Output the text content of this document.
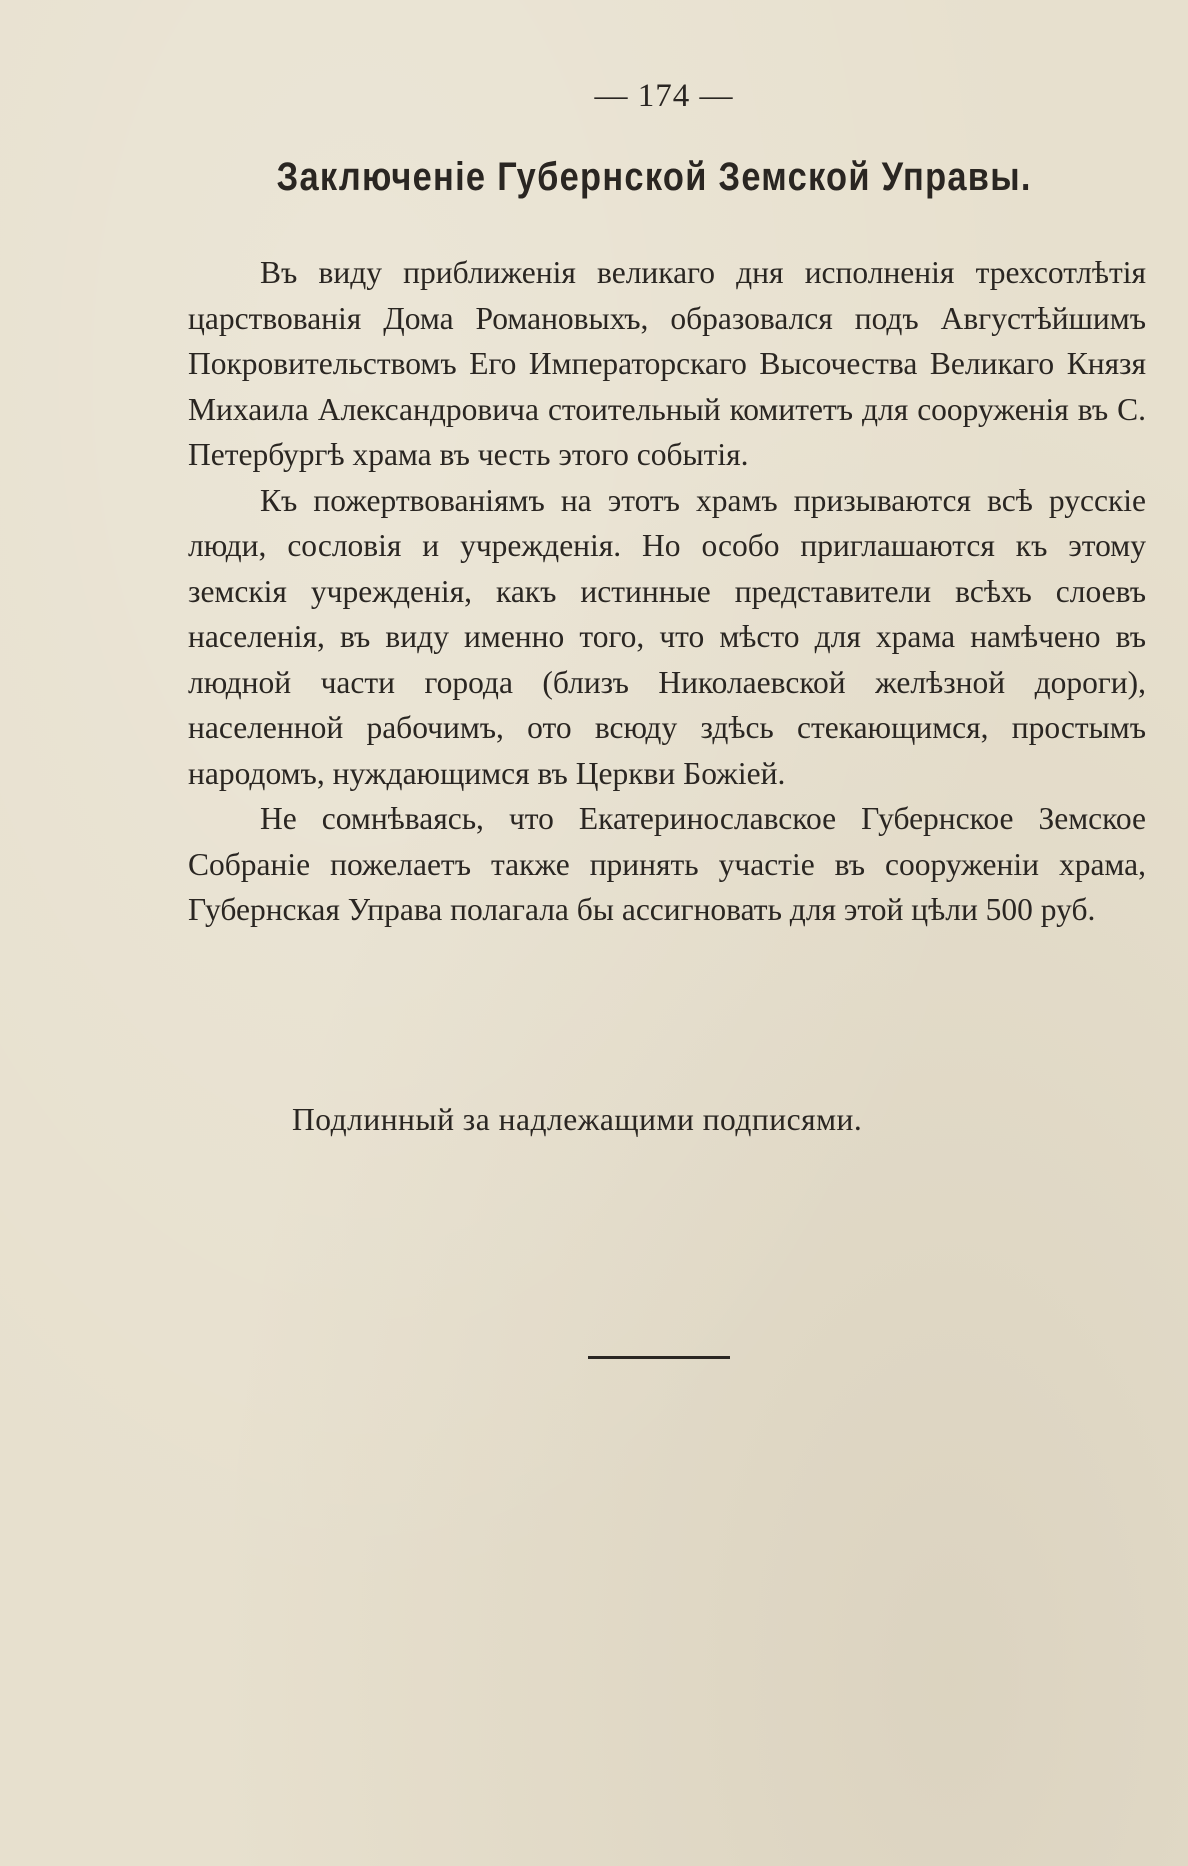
— 174 —
Заключеніе Губернской Земской Управы.

Въ виду приближенія великаго дня исполненія трехсотлѣтія царствованія Дома Романовыхъ, образовался подъ Августѣйшимъ Покровительствомъ Его Императорскаго Высочества Великаго Князя Михаила Александровича стоительный комитетъ для сооруженія въ С. Петербургѣ храма въ честь этого событія.

Къ пожертвованіямъ на этотъ храмъ призываются всѣ русскіе люди, сословія и учрежденія. Но особо приглашаются къ этому земскія учрежденія, какъ истинные представители всѣхъ слоевъ населенія, въ виду именно того, что мѣсто для храма намѣчено въ людной части города (близъ Николаевской желѣзной дороги), населенной рабочимъ, ото всюду здѣсь стекающимся, простымъ народомъ, нуждающимся въ Церкви Божіей.

Не сомнѣваясь, что Екатеринославское Губернское Земское Собраніе пожелаетъ также принять участіе въ сооруженіи храма, Губернская Управа полагала бы ассигновать для этой цѣли 500 руб.

Подлинный за надлежащими подписями.
